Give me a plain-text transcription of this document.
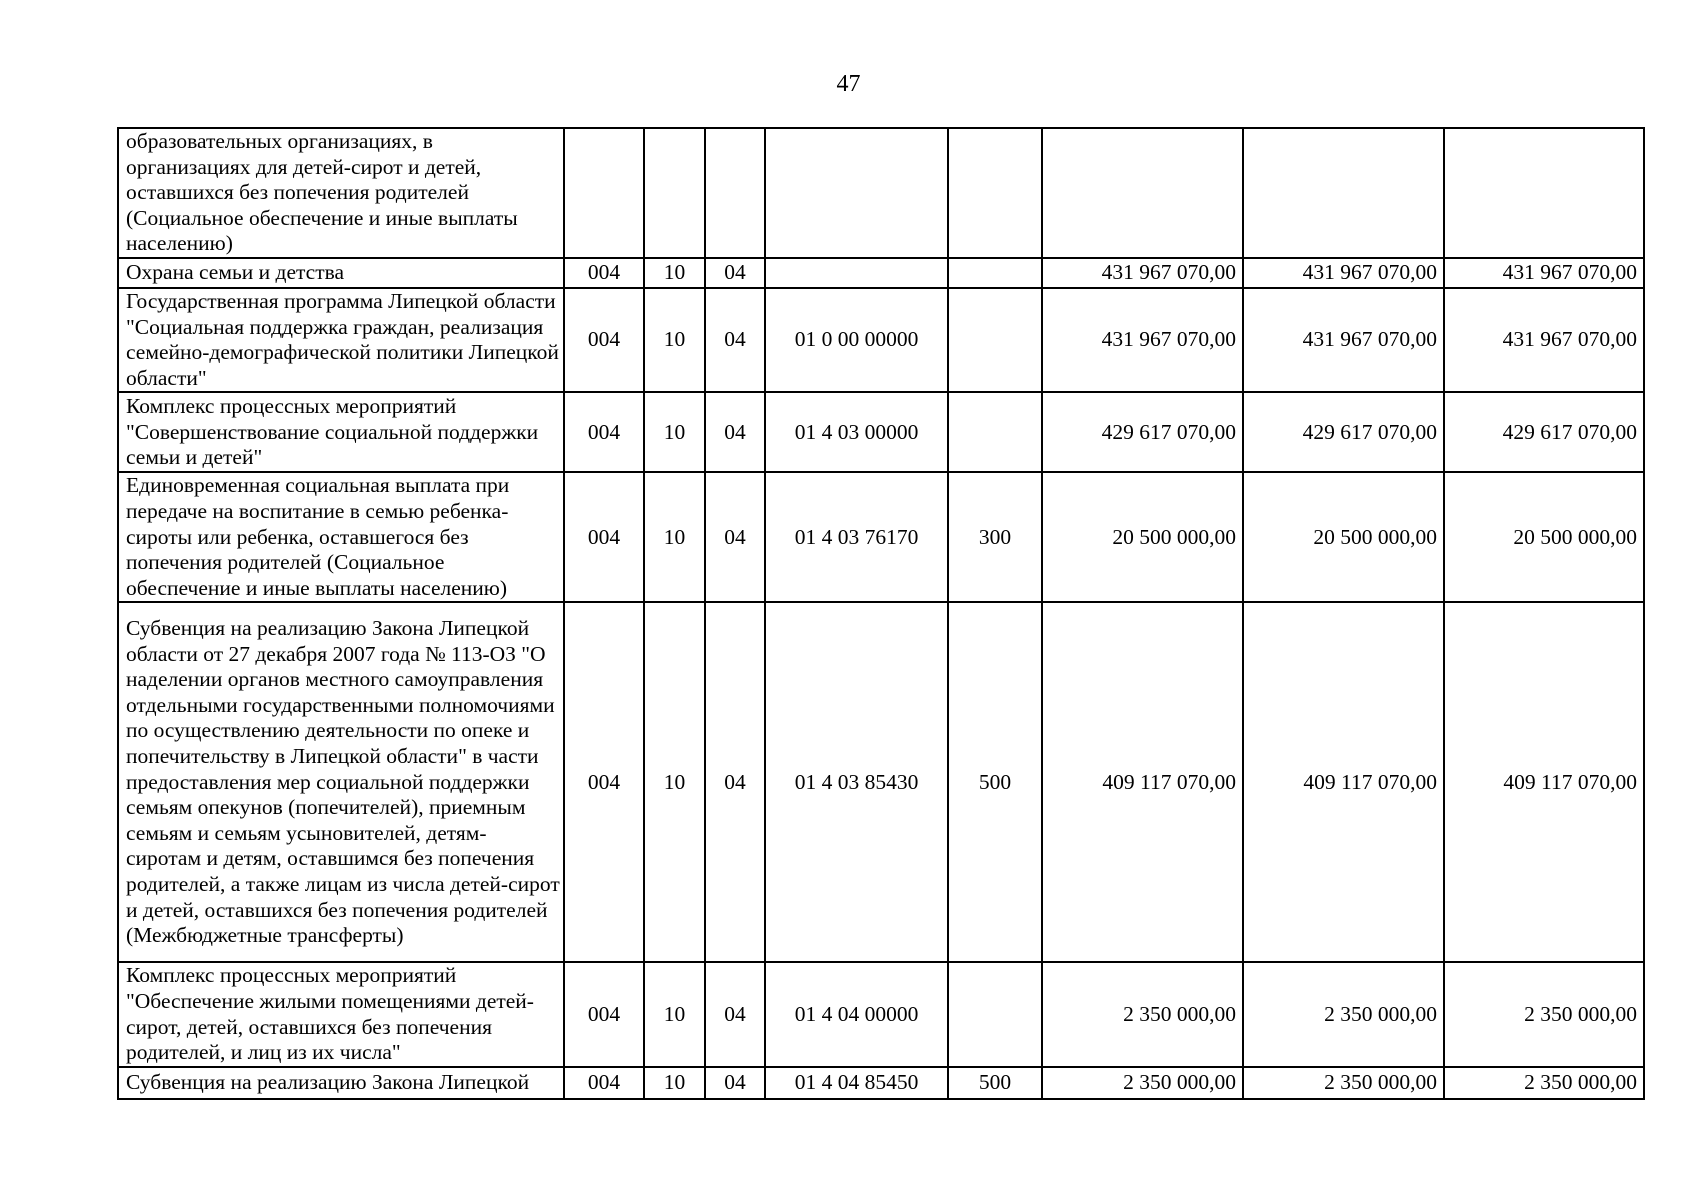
47
образовательных организациях, в организациях для детей-сирот и детей, оставшихся без попечения родителей (Социальное обеспечение и иные выплаты населению)								
Охрана семьи и детства	004	10	04			431 967 070,00	431 967 070,00	431 967 070,00
Государственная программа Липецкой области "Социальная поддержка граждан, реализация семейно-демографической политики Липецкой области"	004	10	04	01 0 00 00000		431 967 070,00	431 967 070,00	431 967 070,00
Комплекс процессных мероприятий "Совершенствование социальной поддержки семьи и детей"	004	10	04	01 4 03 00000		429 617 070,00	429 617 070,00	429 617 070,00
Единовременная социальная выплата при передаче на воспитание в семью ребенка-сироты или ребенка, оставшегося без попечения родителей (Социальное обеспечение и иные выплаты населению)	004	10	04	01 4 03 76170	300	20 500 000,00	20 500 000,00	20 500 000,00
Субвенция на реализацию Закона Липецкой области от 27 декабря 2007 года № 113-ОЗ "О наделении органов местного самоуправления отдельными государственными полномочиями по осуществлению деятельности по опеке и попечительству в Липецкой области" в части предоставления мер социальной поддержки семьям опекунов (попечителей), приемным семьям и семьям усыновителей, детям-сиротам и детям, оставшимся без попечения родителей, а также лицам из числа детей-сирот и детей, оставшихся без попечения родителей (Межбюджетные трансферты)	004	10	04	01 4 03 85430	500	409 117 070,00	409 117 070,00	409 117 070,00
Комплекс процессных мероприятий "Обеспечение жилыми помещениями детей-сирот, детей, оставшихся без попечения родителей, и лиц из их числа"	004	10	04	01 4 04 00000		2 350 000,00	2 350 000,00	2 350 000,00
Субвенция на реализацию Закона Липецкой	004	10	04	01 4 04 85450	500	2 350 000,00	2 350 000,00	2 350 000,00
